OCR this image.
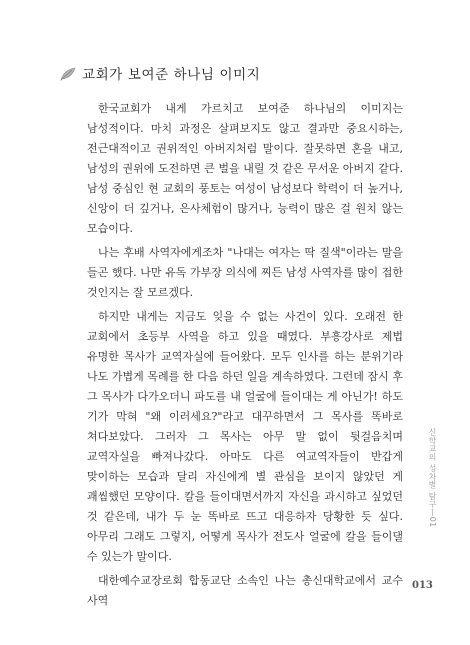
교회가 보여준 하나님 이미지

한국교회가 내게 가르치고 보여준 하나님의 이미지는 남성적이다. 마치 과정은 살펴보지도 않고 결과만 중요시하는, 전근대적이고 권위적인 아버지처럼 말이다. 잘못하면 혼을 내고, 남성의 권위에 도전하면 큰 벌을 내릴 것 같은 무서운 아버지 같다. 남성 중심인 현 교회의 풍토는 여성이 남성보다 학력이 더 높거나, 신앙이 더 깊거나, 은사체험이 많거나, 능력이 많은 걸 원치 않는 모습이다.

나는 후배 사역자에게조차 "나대는 여자는 딱 질색"이라는 말을 들곤 했다. 나만 유독 가부장 의식에 찌든 남성 사역자를 많이 접한 것인지는 잘 모르겠다.

하지만 내게는 지금도 잊을 수 없는 사건이 있다. 오래전 한 교회에서 초등부 사역을 하고 있을 때였다. 부흥강사로 제법 유명한 목사가 교역자실에 들어왔다. 모두 인사를 하는 분위기라 나도 가볍게 목례를 한 다음 하던 일을 계속하였다. 그런데 잠시 후 그 목사가 다가오더니 파도를 내 얼굴에 들이대는 게 아닌가! 하도 기가 막혀 "왜 이러세요?"라고 대꾸하면서 그 목사를 똑바로 쳐다보았다. 그러자 그 목사는 아무 말 없이 뒷걸음치며 교역자실을 빠져나갔다. 아마도 다른 여교역자들이 반갑게 맞이하는 모습과 달리 자신에게 별 관심을 보이지 않았던 게 괘씸했던 모양이다. 칼을 들이대면서까지 자신을 과시하고 싶었던 것 같은데, 내가 두 눈 똑바로 뜨고 대응하자 당황한 듯 싶다. 아무리 그래도 그렇지, 어떻게 목사가 전도사 얼굴에 칼을 들이댈 수 있는가 말이다.

대한예수교장로회 합동교단 소속인 나는 총신대학교에서 교수 사역

신학교의 성차별 탐구ㅣ01
013
